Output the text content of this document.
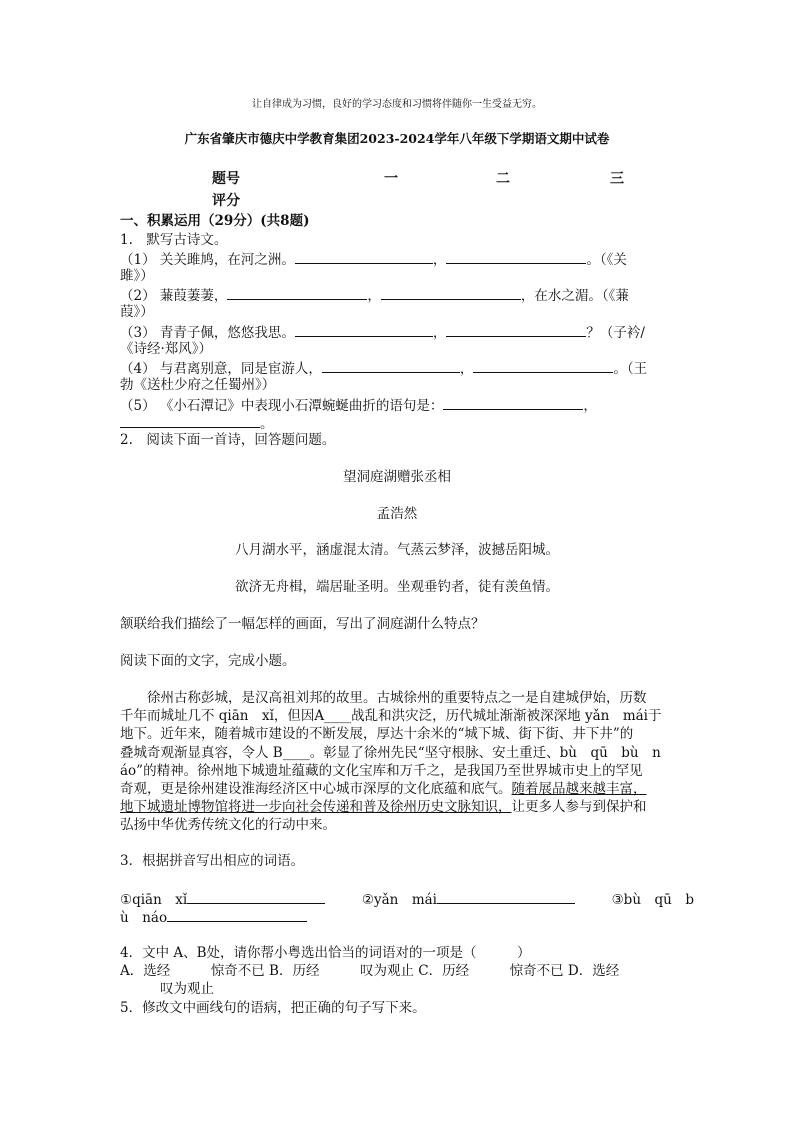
让自律成为习惯，良好的学习态度和习惯将伴随你一生受益无穷。
广东省肇庆市德庆中学教育集团2023-2024学年八年级下学期语文期中试卷
题号	一	二	三
评分
一、积累运用（29分）(共8题)
1.　默写古诗文。
（1） 关关雎鸠，在河之洲。	，	。（《关
雎》）
（2） 蒹葭萋萋，	，	，在水之湄。（《蒹
葭》）
（3） 青青子佩，悠悠我思。	，	？（子衿/
《诗经·郑风》）
（4） 与君离别意，同是宦游人，	，	。（王
勃《送杜少府之任蜀州》）
（5） 《小石潭记》中表现小石潭蜿蜒曲折的语句是：	，
。
2.　阅读下面一首诗，回答题问题。
望洞庭湖赠张丞相
孟浩然
八月湖水平，涵虚混太清。气蒸云梦泽，波撼岳阳城。
欲济无舟楫，端居耻圣明。坐观垂钓者，徒有羡鱼情。
颔联给我们描绘了一幅怎样的画面，写出了洞庭湖什么特点？
阅读下面的文字，完成小题。
　　徐州古称彭城，是汉高祖刘邦的故里。古城徐州的重要特点之一是自建城伊始，历数
千年而城址几不 qiān　xǐ，但因A____战乱和洪灾泛，历代城址渐渐被深深地 yǎn　mái于
地下。近年来，随着城市建设的不断发展，厚达十余米的“城下城、街下街、井下井”的
叠城奇观渐显真容，令人 B____。彰显了徐州先民“坚守根脉、安土重迁、bù　qū　bù　n
áo”的精神。徐州地下城遗址蕴藏的文化宝库和万千之，是我国乃至世界城市史上的罕见
奇观，更是徐州建设淮海经济区中心城市深厚的文化底蕴和底气。随着展品越来越丰富，
地下城遗址博物馆将进一步向社会传递和普及徐州历史文脉知识，让更多人参与到保护和
弘扬中华优秀传统文化的行动中来。
3．根据拼音写出相应的词语。
①qiān　xǐ	②yǎn　mái	③bù　qū　b
ù　náo
4．文中 A、B处，请你帮小粤选出恰当的词语对的一项是（　　　）
A．选经　　　惊奇不已 B．历经　　　叹为观止 C．历经　　　惊奇不已 D．选经
叹为观止
5．修改文中画线句的语病，把正确的句子写下来。
